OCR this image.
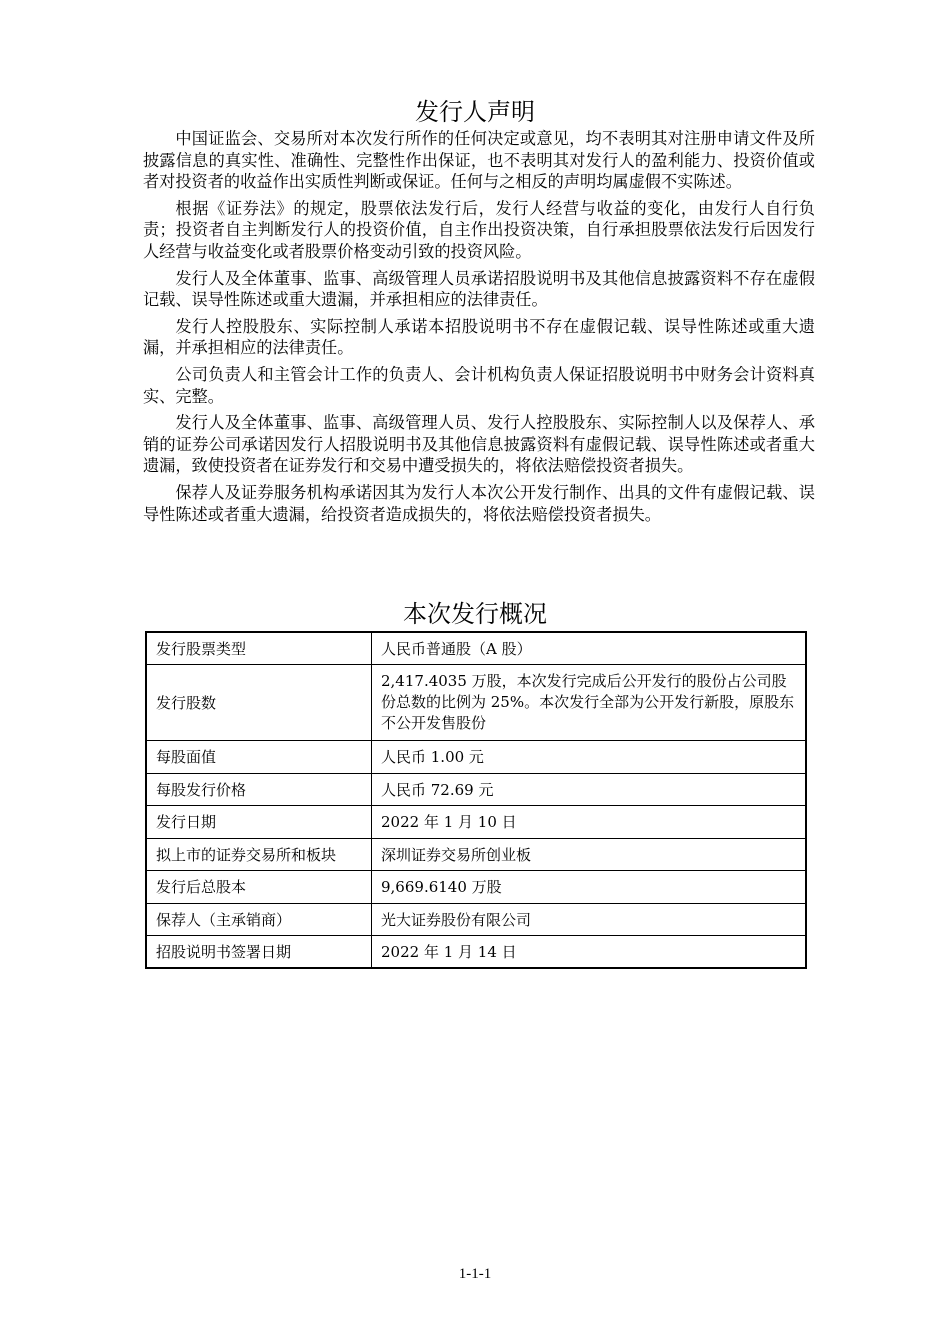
发行人声明

中国证监会、交易所对本次发行所作的任何决定或意见，均不表明其对注册申请文件及所披露信息的真实性、准确性、完整性作出保证，也不表明其对发行人的盈利能力、投资价值或者对投资者的收益作出实质性判断或保证。任何与之相反的声明均属虚假不实陈述。

根据《证券法》的规定，股票依法发行后，发行人经营与收益的变化，由发行人自行负责；投资者自主判断发行人的投资价值，自主作出投资决策，自行承担股票依法发行后因发行人经营与收益变化或者股票价格变动引致的投资风险。

发行人及全体董事、监事、高级管理人员承诺招股说明书及其他信息披露资料不存在虚假记载、误导性陈述或重大遗漏，并承担相应的法律责任。

发行人控股股东、实际控制人承诺本招股说明书不存在虚假记载、误导性陈述或重大遗漏，并承担相应的法律责任。

公司负责人和主管会计工作的负责人、会计机构负责人保证招股说明书中财务会计资料真实、完整。

发行人及全体董事、监事、高级管理人员、发行人控股股东、实际控制人以及保荐人、承销的证券公司承诺因发行人招股说明书及其他信息披露资料有虚假记载、误导性陈述或者重大遗漏，致使投资者在证券发行和交易中遭受损失的，将依法赔偿投资者损失。

保荐人及证券服务机构承诺因其为发行人本次公开发行制作、出具的文件有虚假记载、误导性陈述或者重大遗漏，给投资者造成损失的，将依法赔偿投资者损失。

本次发行概况
发行股票类型	人民币普通股（A 股）
发行股数	2,417.4035 万股，本次发行完成后公开发行的股份占公司股份总数的比例为 25%。本次发行全部为公开发行新股，原股东不公开发售股份
每股面值	人民币 1.00 元
每股发行价格	人民币 72.69 元
发行日期	2022 年 1 月 10 日
拟上市的证券交易所和板块	深圳证券交易所创业板
发行后总股本	9,669.6140 万股
保荐人（主承销商）	光大证券股份有限公司
招股说明书签署日期	2022 年 1 月 14 日
1-1-1
